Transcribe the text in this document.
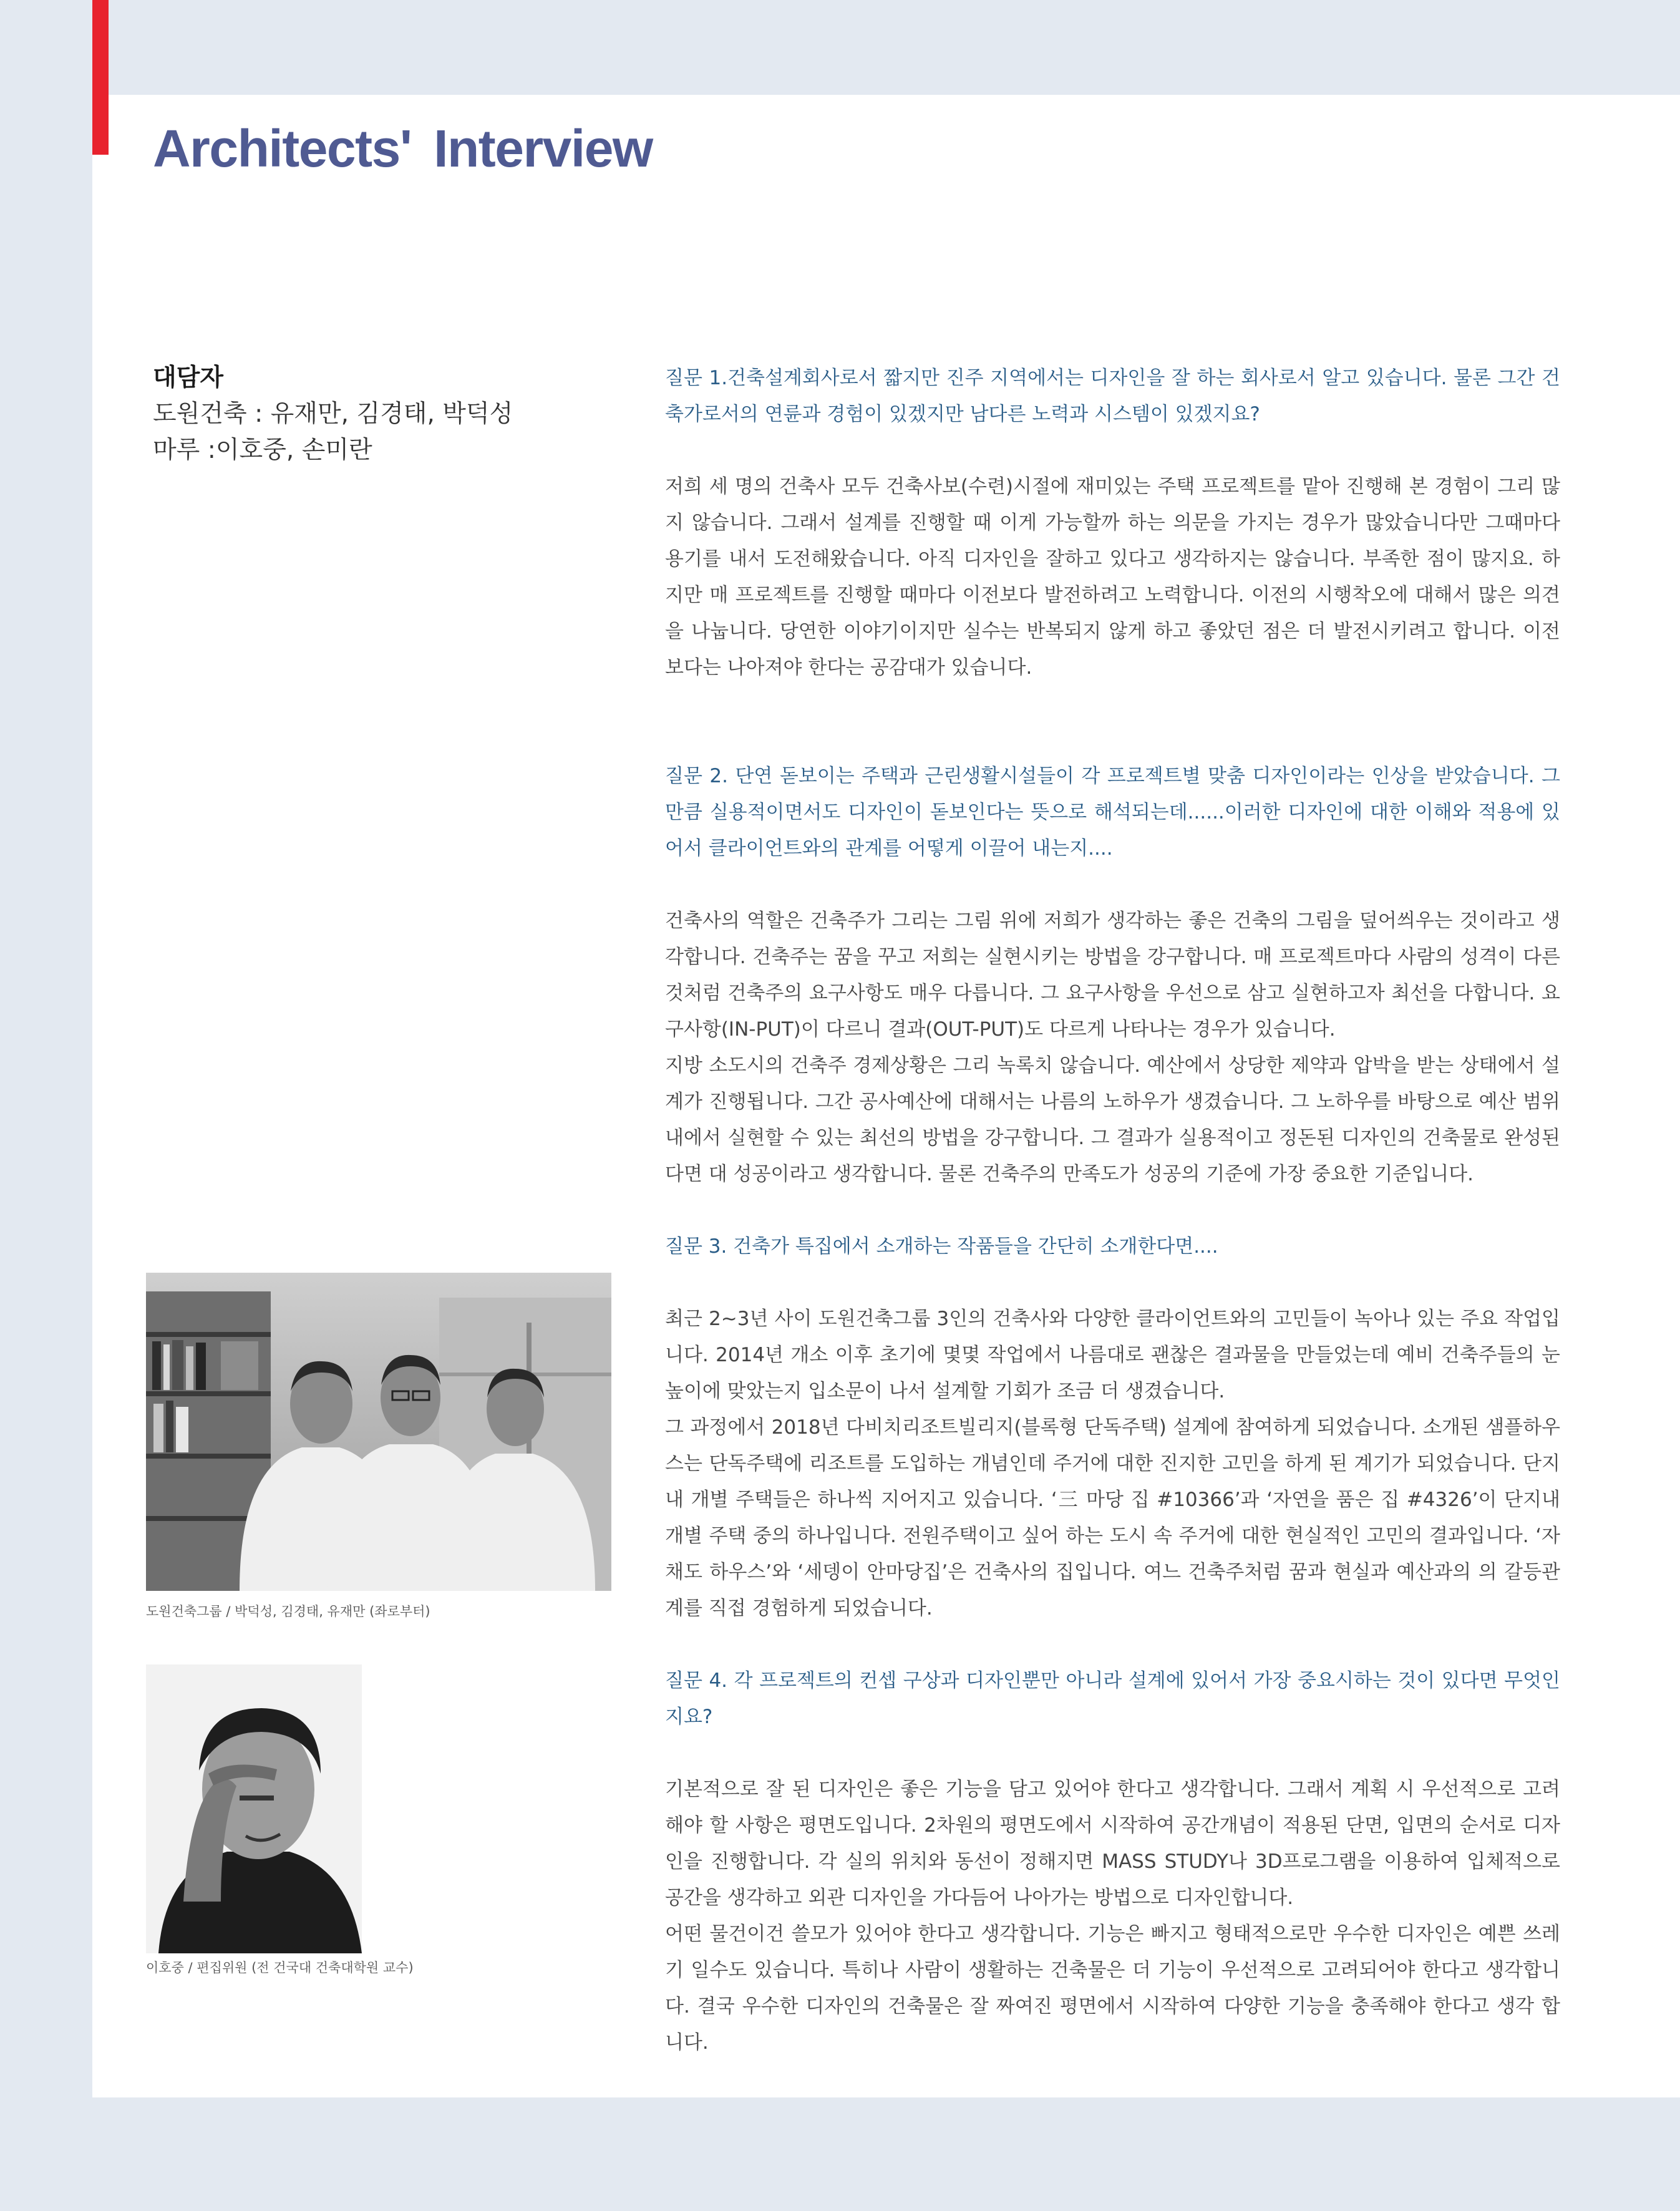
Architects' Interview
대담자
도원건축 : 유재만, 김경태, 박덕성
마루 :이호중, 손미란

질문 1.건축설계회사로서 짧지만 진주 지역에서는 디자인을 잘 하는 회사로서 알고 있습니다. 물론 그간 건축가로서의 연륜과 경험이 있겠지만 남다른 노력과 시스템이 있겠지요?

저희 세 명의 건축사 모두 건축사보(수련)시절에 재미있는 주택 프로젝트를 맡아 진행해 본 경험이 그리 많지 않습니다. 그래서 설계를 진행할 때 이게 가능할까 하는 의문을 가지는 경우가 많았습니다만 그때마다 용기를 내서 도전해왔습니다. 아직 디자인을 잘하고 있다고 생각하지는 않습니다. 부족한 점이 많지요. 하지만 매 프로젝트를 진행할 때마다 이전보다 발전하려고 노력합니다. 이전의 시행착오에 대해서 많은 의견을 나눕니다. 당연한 이야기이지만 실수는 반복되지 않게 하고 좋았던 점은 더 발전시키려고 합니다. 이전보다는 나아져야 한다는 공감대가 있습니다.

질문 2. 단연 돋보이는 주택과 근린생활시설들이 각 프로젝트별 맞춤 디자인이라는 인상을 받았습니다. 그만큼 실용적이면서도 디자인이 돋보인다는 뜻으로 해석되는데......이러한 디자인에 대한 이해와 적용에 있어서 클라이언트와의 관계를 어떻게 이끌어 내는지....

건축사의 역할은 건축주가 그리는 그림 위에 저희가 생각하는 좋은 건축의 그림을 덮어씌우는 것이라고 생각합니다. 건축주는 꿈을 꾸고 저희는 실현시키는 방법을 강구합니다. 매 프로젝트마다 사람의 성격이 다른 것처럼 건축주의 요구사항도 매우 다릅니다. 그 요구사항을 우선으로 삼고 실현하고자 최선을 다합니다. 요구사항(IN-PUT)이 다르니 결과(OUT-PUT)도 다르게 나타나는 경우가 있습니다.

지방 소도시의 건축주 경제상황은 그리 녹록치 않습니다. 예산에서 상당한 제약과 압박을 받는 상태에서 설계가 진행됩니다. 그간 공사예산에 대해서는 나름의 노하우가 생겼습니다. 그 노하우를 바탕으로 예산 범위 내에서 실현할 수 있는 최선의 방법을 강구합니다. 그 결과가 실용적이고 정돈된 디자인의 건축물로 완성된다면 대 성공이라고 생각합니다. 물론 건축주의 만족도가 성공의 기준에 가장 중요한 기준입니다.

질문 3. 건축가 특집에서 소개하는 작품들을 간단히 소개한다면....

최근 2~3년 사이 도원건축그룹 3인의 건축사와 다양한 클라이언트와의 고민들이 녹아나 있는 주요 작업입니다. 2014년 개소 이후 초기에 몇몇 작업에서 나름대로 괜찮은 결과물을 만들었는데 예비 건축주들의 눈높이에 맞았는지 입소문이 나서 설계할 기회가 조금 더 생겼습니다.

그 과정에서 2018년 다비치리조트빌리지(블록형 단독주택) 설계에 참여하게 되었습니다. 소개된 샘플하우스는 단독주택에 리조트를 도입하는 개념인데 주거에 대한 진지한 고민을 하게 된 계기가 되었습니다. 단지 내 개별 주택들은 하나씩 지어지고 있습니다. ‘三 마당 집 #10366’과 ‘자연을 품은 집 #4326’이 단지내 개별 주택 중의 하나입니다. 전원주택이고 싶어 하는 도시 속 주거에 대한 현실적인 고민의 결과입니다. ‘자채도 하우스’와 ‘세뎅이 안마당집’은 건축사의 집입니다. 여느 건축주처럼 꿈과 현실과 예산과의 의 갈등관계를 직접 경험하게 되었습니다.

질문 4. 각 프로젝트의 컨셉 구상과 디자인뿐만 아니라 설계에 있어서 가장 중요시하는 것이 있다면 무엇인지요?

기본적으로 잘 된 디자인은 좋은 기능을 담고 있어야 한다고 생각합니다. 그래서 계획 시 우선적으로 고려해야 할 사항은 평면도입니다. 2차원의 평면도에서 시작하여 공간개념이 적용된 단면, 입면의 순서로 디자인을 진행합니다. 각 실의 위치와 동선이 정해지면 MASS STUDY나 3D프로그램을 이용하여 입체적으로 공간을 생각하고 외관 디자인을 가다듬어 나아가는 방법으로 디자인합니다.

어떤 물건이건 쓸모가 있어야 한다고 생각합니다. 기능은 빠지고 형태적으로만 우수한 디자인은 예쁜 쓰레기 일수도 있습니다. 특히나 사람이 생활하는 건축물은 더 기능이 우선적으로 고려되어야 한다고 생각합니다. 결국 우수한 디자인의 건축물은 잘 짜여진 평면에서 시작하여 다양한 기능을 충족해야 한다고 생각 합니다.

도원건축그룹 / 박덕성, 김경태, 유재만 (좌로부터)
이호중 / 편집위원 (전 건국대 건축대학원 교수)
